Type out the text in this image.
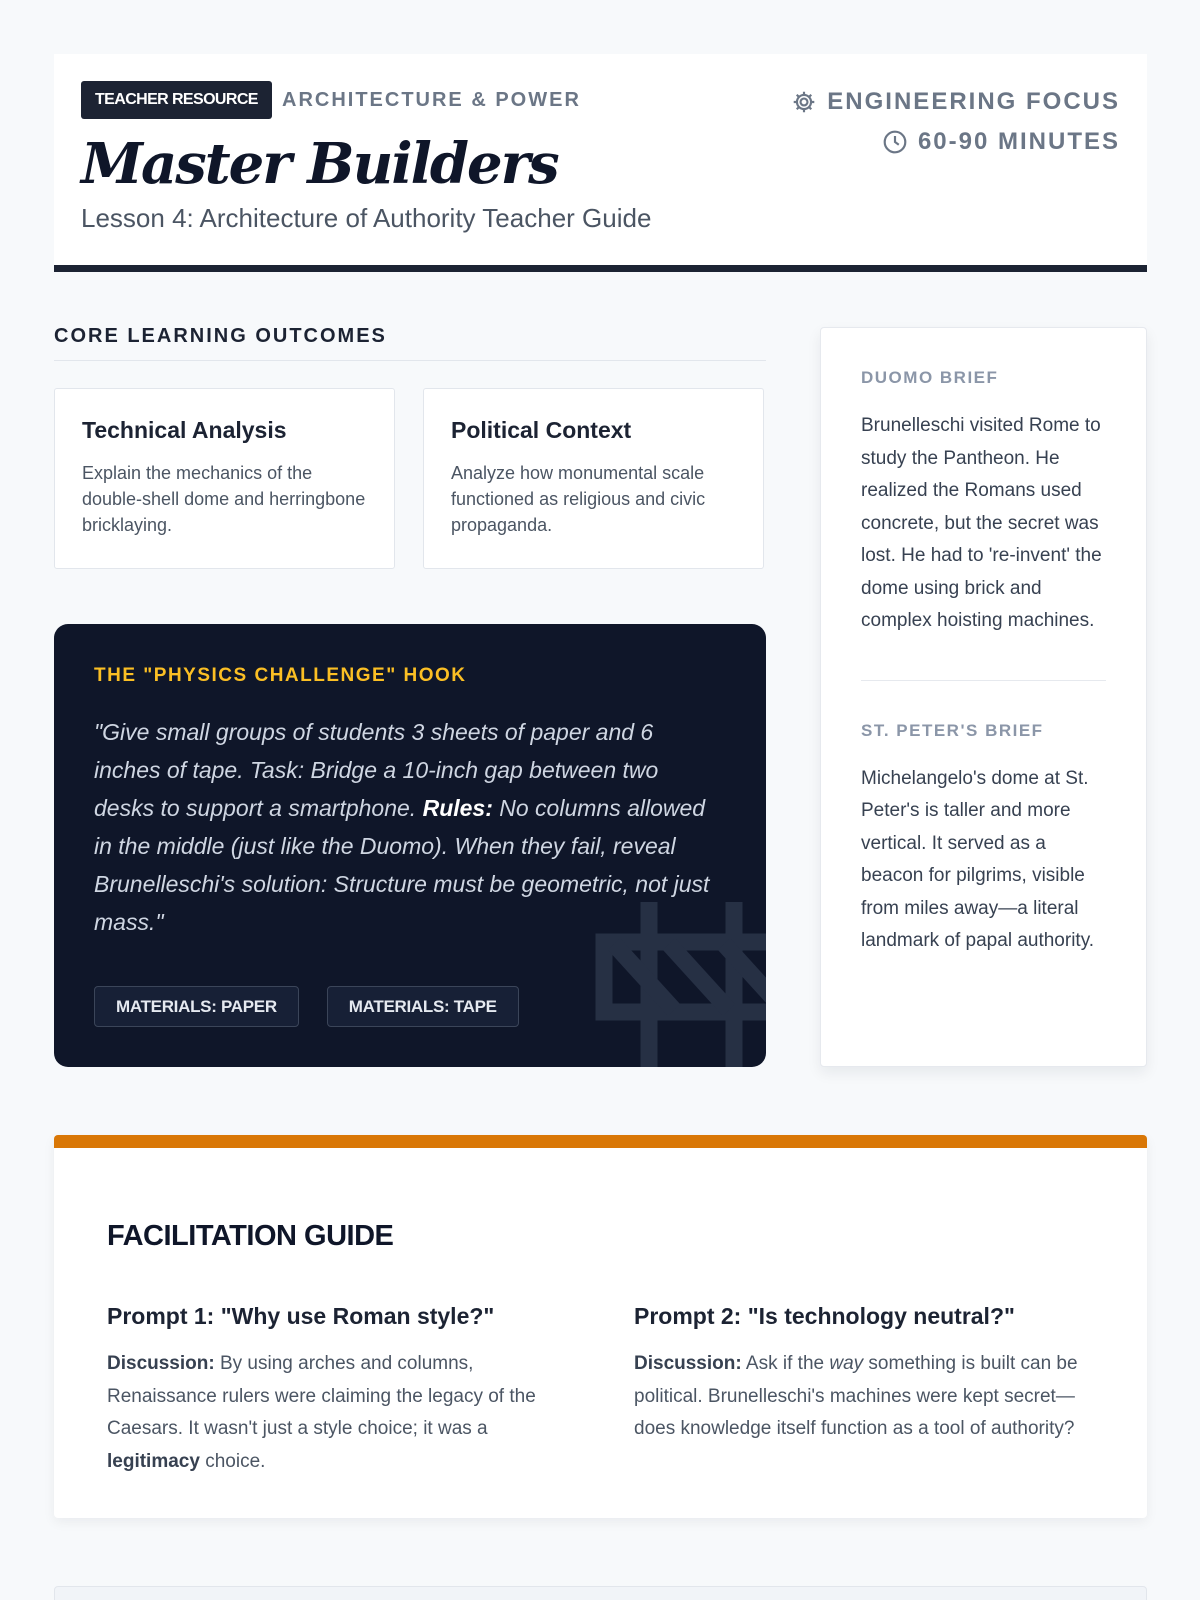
TEACHER RESOURCE	ARCHITECTURE & POWER
Master Builders
Lesson 4: Architecture of Authority Teacher Guide
ENGINEERING FOCUS
60-90 MINUTES
CORE LEARNING OUTCOMES
Technical Analysis

Explain the mechanics of the double-shell dome and herringbone bricklaying.

Political Context

Analyze how monumental scale functioned as religious and civic propaganda.

THE "PHYSICS CHALLENGE" HOOK
"Give small groups of students 3 sheets of paper and 6 inches of tape. Task: Bridge a 10-inch gap between two desks to support a smartphone. Rules: No columns allowed in the middle (just like the Duomo). When they fail, reveal Brunelleschi's solution: Structure must be geometric, not just mass."
MATERIALS: PAPER	MATERIALS: TAPE
DUOMO BRIEF

Brunelleschi visited Rome to study the Pantheon. He realized the Romans used concrete, but the secret was lost. He had to 're-invent' the dome using brick and complex hoisting machines.

ST. PETER'S BRIEF

Michelangelo's dome at St. Peter's is taller and more vertical. It served as a beacon for pilgrims, visible from miles away—a literal landmark of papal authority.

FACILITATION GUIDE
Prompt 1: "Why use Roman style?"

Discussion: By using arches and columns, Renaissance rulers were claiming the legacy of the Caesars. It wasn't just a style choice; it was a legitimacy choice.

Prompt 2: "Is technology neutral?"

Discussion: Ask if the way something is built can be political. Brunelleschi's machines were kept secret—does knowledge itself function as a tool of authority?
